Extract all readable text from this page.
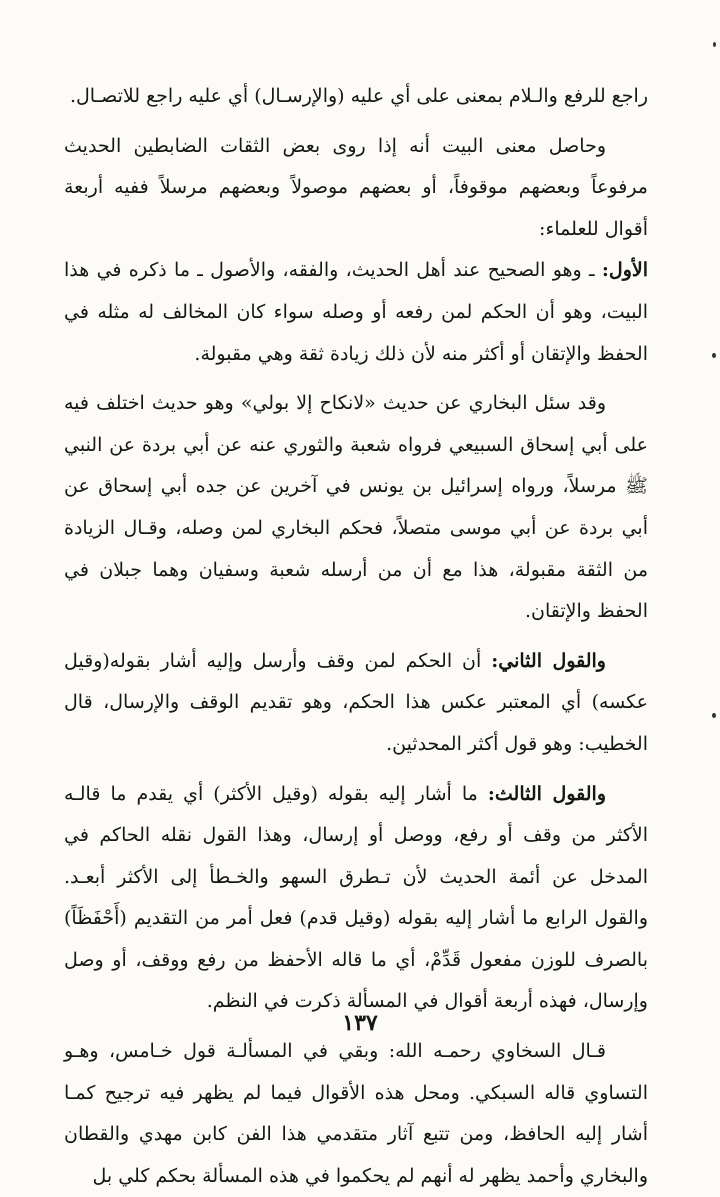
راجع للرفع والـلام بمعنى على أي عليه (والإرسـال) أي عليه راجع للاتصـال.

وحاصل معنى البيت أنه إذا روى بعض الثقات الضابطين الحديث مرفوعاً وبعضهم موقوفاً، أو بعضهم موصولاً وبعضهم مرسلاً ففيه أربعة أقوال للعلماء:

الأول: ـ وهو الصحيح عند أهل الحديث، والفقه، والأصول ـ ما ذكره في هذا البيت، وهو أن الحكم لمن رفعه أو وصله سواء كان المخالف له مثله في الحفظ والإتقان أو أكثر منه لأن ذلك زيادة ثقة وهي مقبولة.

وقد سئل البخاري عن حديث «لانكاح إلا بولي» وهو حديث اختلف فيه على أبي إسحاق السبيعي فرواه شعبة والثوري عنه عن أبي بردة عن النبي ﷺ مرسلاً، ورواه إسرائيل بن يونس في آخرين عن جده أبي إسحاق عن أبي بردة عن أبي موسى متصلاً، فحكم البخاري لمن وصله، وقـال الزيادة من الثقة مقبولة، هذا مع أن من أرسله شعبة وسفيان وهما جبلان في الحفظ والإتقان.

والقول الثاني: أن الحكم لمن وقف وأرسل وإليه أشار بقوله(وقيل عكسه) أي المعتبر عكس هذا الحكم، وهو تقديم الوقف والإرسال، قال الخطيب: وهو قول أكثر المحدثين.

والقول الثالث: ما أشار إليه بقوله (وقيل الأكثر) أي يقدم ما قالـه الأكثر من وقف أو رفع، ووصل أو إرسال، وهذا القول نقله الحاكم في المدخل عن أئمة الحديث لأن تـطرق السهو والخـطأ إلى الأكثر أبعـد. والقول الرابع ما أشار إليه بقوله (وقيل قدم) فعل أمر من التقديم (أَحْفَظَاً) بالصرف للوزن مفعول قَدِّمْ، أي ما قاله الأحفظ من رفع ووقف، أو وصل وإرسال، فهذه أربعة أقوال في المسألة ذكرت في النظم.

قـال السخاوي رحمـه الله: وبقي في المسألـة قول خـامس، وهـو التساوي قاله السبكي. ومحل هذه الأقوال فيما لم يظهر فيه ترجيح كمـا أشار إليه الحافظ، ومن تتبع آثار متقدمي هذا الفن كابن مهدي والقطان والبخاري وأحمد يظهر له أنهم لم يحكموا في هذه المسألة بحكم كلي بل

١٣٧
